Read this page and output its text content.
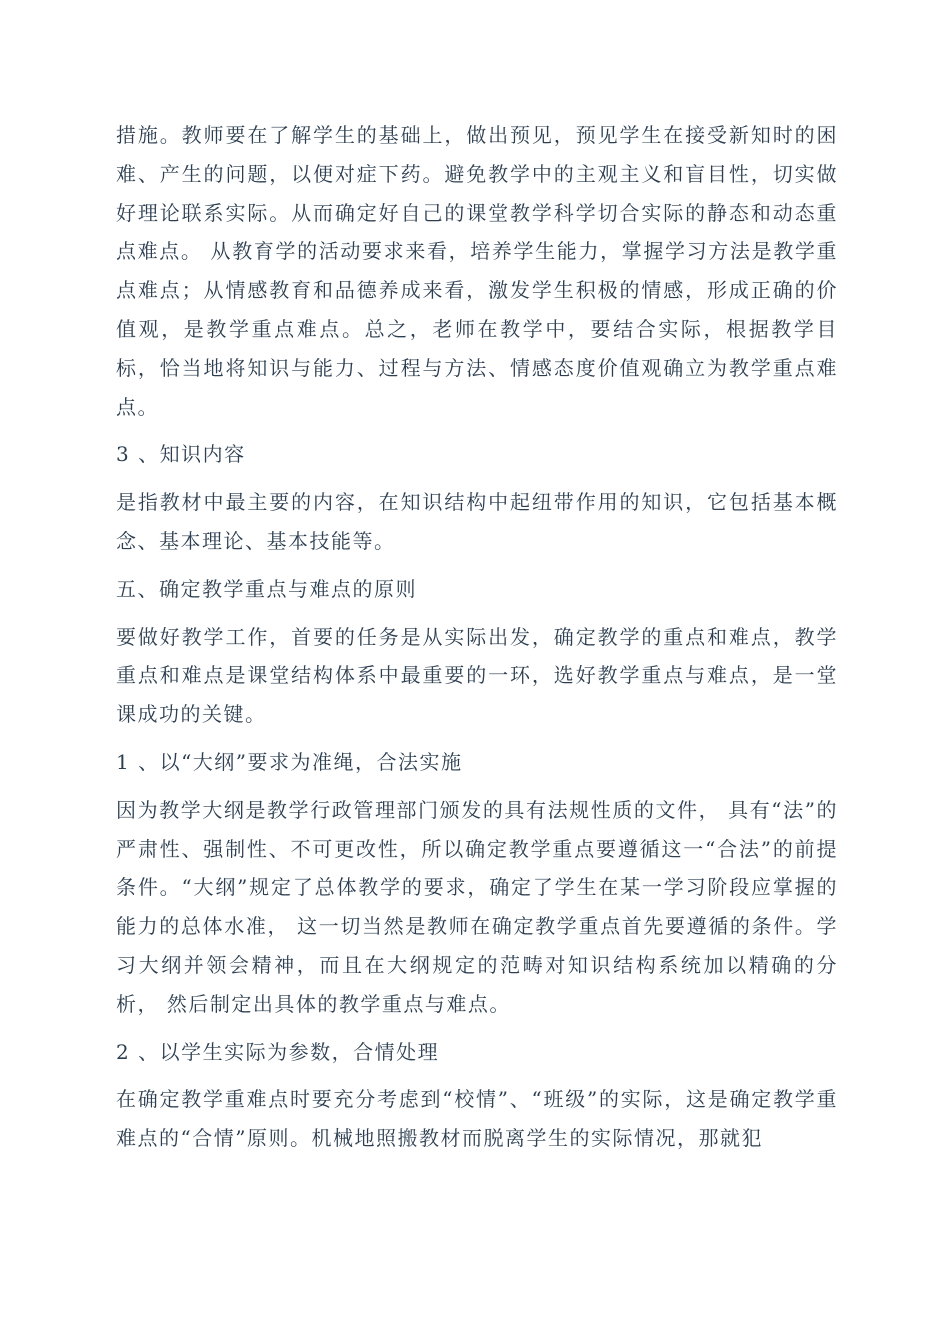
措施。教师要在了解学生的基础上，做出预见，预见学生在接受新知时的困难、产生的问题，以便对症下药。避免教学中的主观主义和盲目性，切实做好理论联系实际。从而确定好自己的课堂教学科学切合实际的静态和动态重点难点。 从教育学的活动要求来看，培养学生能力，掌握学习方法是教学重点难点；从情感教育和品德养成来看，激发学生积极的情感，形成正确的价值观，是教学重点难点。总之，老师在教学中，要结合实际，根据教学目标，恰当地将知识与能力、过程与方法、情感态度价值观确立为教学重点难点。

3 、知识内容

是指教材中最主要的内容，在知识结构中起纽带作用的知识，它包括基本概念、基本理论、基本技能等。

五、确定教学重点与难点的原则

要做好教学工作，首要的任务是从实际出发，确定教学的重点和难点，教学重点和难点是课堂结构体系中最重要的一环，选好教学重点与难点，是一堂课成功的关键。

1 、以“大纲”要求为准绳，合法实施

因为教学大纲是教学行政管理部门颁发的具有法规性质的文件， 具有“法”的严肃性、强制性、不可更改性，所以确定教学重点要遵循这一“合法”的前提条件。“大纲”规定了总体教学的要求，确定了学生在某一学习阶段应掌握的能力的总体水准， 这一切当然是教师在确定教学重点首先要遵循的条件。学习大纲并领会精神，而且在大纲规定的范畴对知识结构系统加以精确的分析， 然后制定出具体的教学重点与难点。

2 、以学生实际为参数，合情处理

在确定教学重难点时要充分考虑到“校情”、“班级”的实际，这是确定教学重难点的“合情”原则。机械地照搬教材而脱离学生的实际情况，那就犯
